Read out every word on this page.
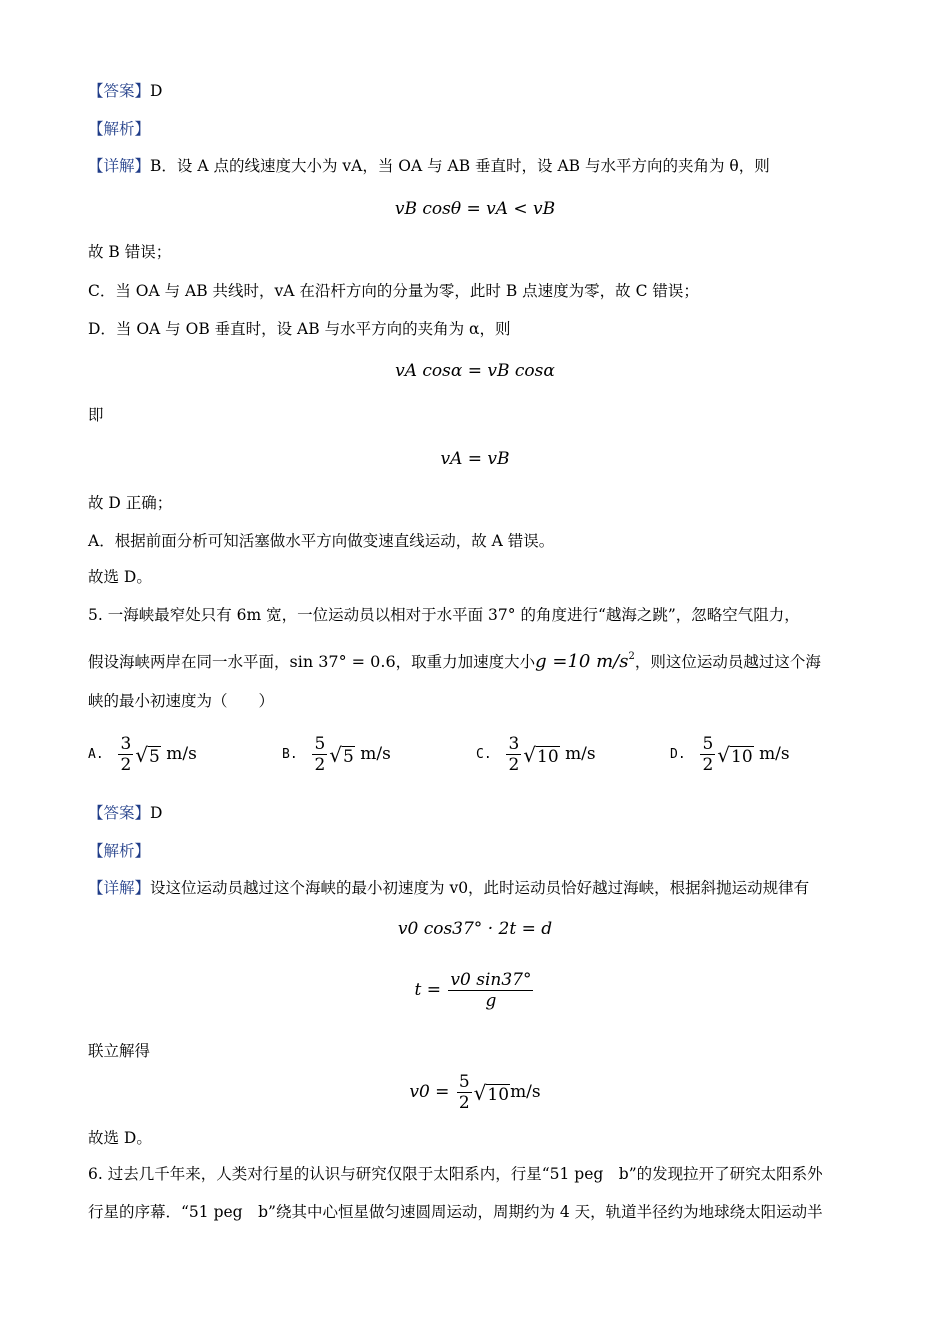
【答案】D
【解析】
【详解】B．设 A 点的线速度大小为 vA，当 OA 与 AB 垂直时，设 AB 与水平方向的夹角为 θ，则
vB cosθ = vA < vB
故 B 错误；
C．当 OA 与 AB 共线时，vA 在沿杆方向的分量为零，此时 B 点速度为零，故 C 错误；
D．当 OA 与 OB 垂直时，设 AB 与水平方向的夹角为 α，则
vA cosα = vB cosα
即
vA = vB
故 D 正确；
A．根据前面分析可知活塞做水平方向做变速直线运动，故 A 错误。
故选 D。
5. 一海峡最窄处只有 6m 宽，一位运动员以相对于水平面 37° 的角度进行“越海之跳”，忽略空气阻力，
假设海峡两岸在同一水平面，sin 37° = 0.6，取重力加速度大小g =10 $m/s^2$，则这位运动员越过这个海
峡的最小初速度为（　　）
A. $\frac{3}{2} √5$ m/s	B. $\frac{5}{2} √5$ m/s	C. $\frac{3}{2} √10$ m/s	D. $\frac{5}{2} √10$ m/s
【答案】D
【解析】
【详解】设这位运动员越过这个海峡的最小初速度为 v0，此时运动员恰好越过海峡，根据斜抛运动规律有
v0 cos37° · 2t = d
$t = \frac{v0 \sin 37^\circ}{g}$
联立解得
$v0 = \frac{5}{2} √10m/s$
故选 D。
6. 过去几千年来，人类对行星的认识与研究仅限于太阳系内，行星“51 peg　b”的发现拉开了研究太阳系外
行星的序幕．“51 peg　b”绕其中心恒星做匀速圆周运动，周期约为 4 天，轨道半径约为地球绕太阳运动半
